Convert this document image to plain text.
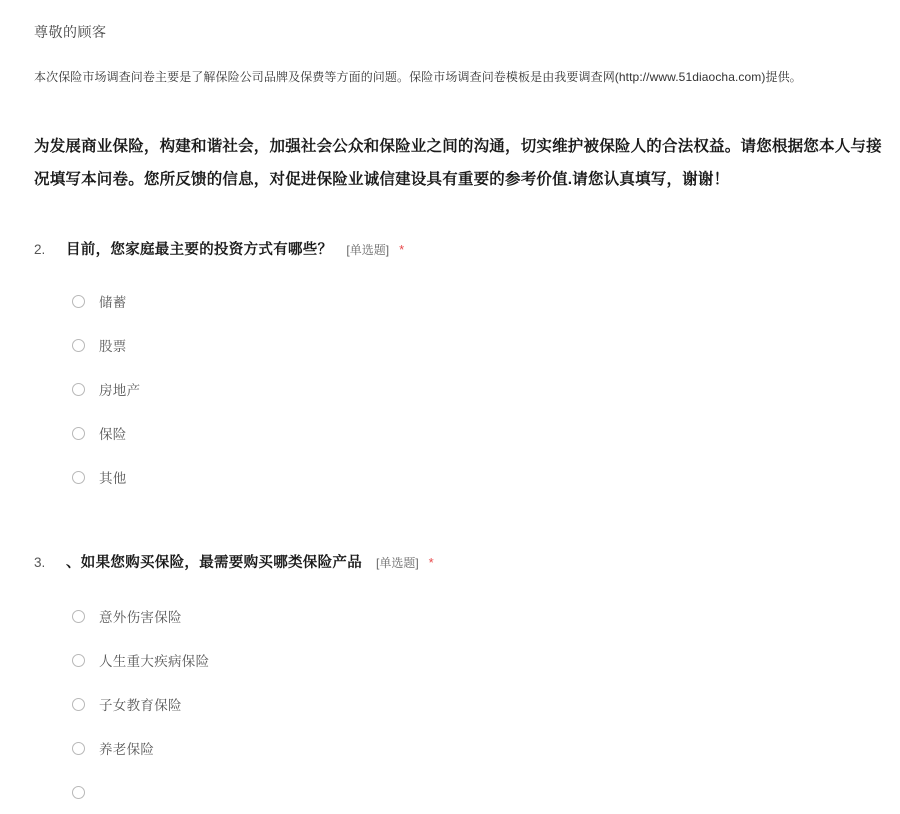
尊敬的顾客
本次保险市场调查问卷主要是了解保险公司品牌及保费等方面的问题。保险市场调查问卷模板是由我要调查网(http://www.51diaocha.com)提供。
为发展商业保险，构建和谐社会，加强社会公众和保险业之间的沟通，切实维护被保险人的合法权益。请您根据您本人与接
况填写本问卷。您所反馈的信息，对促进保险业诚信建设具有重要的参考价值.请您认真填写，谢谢！
2.	目前，您家庭最主要的投资方式有哪些？ [单选题] *
储蓄
股票
房地产
保险
其他
3.	、如果您购买保险，最需要购买哪类保险产品 [单选题] *
意外伤害保险
人生重大疾病保险
子女教育保险
养老保险
